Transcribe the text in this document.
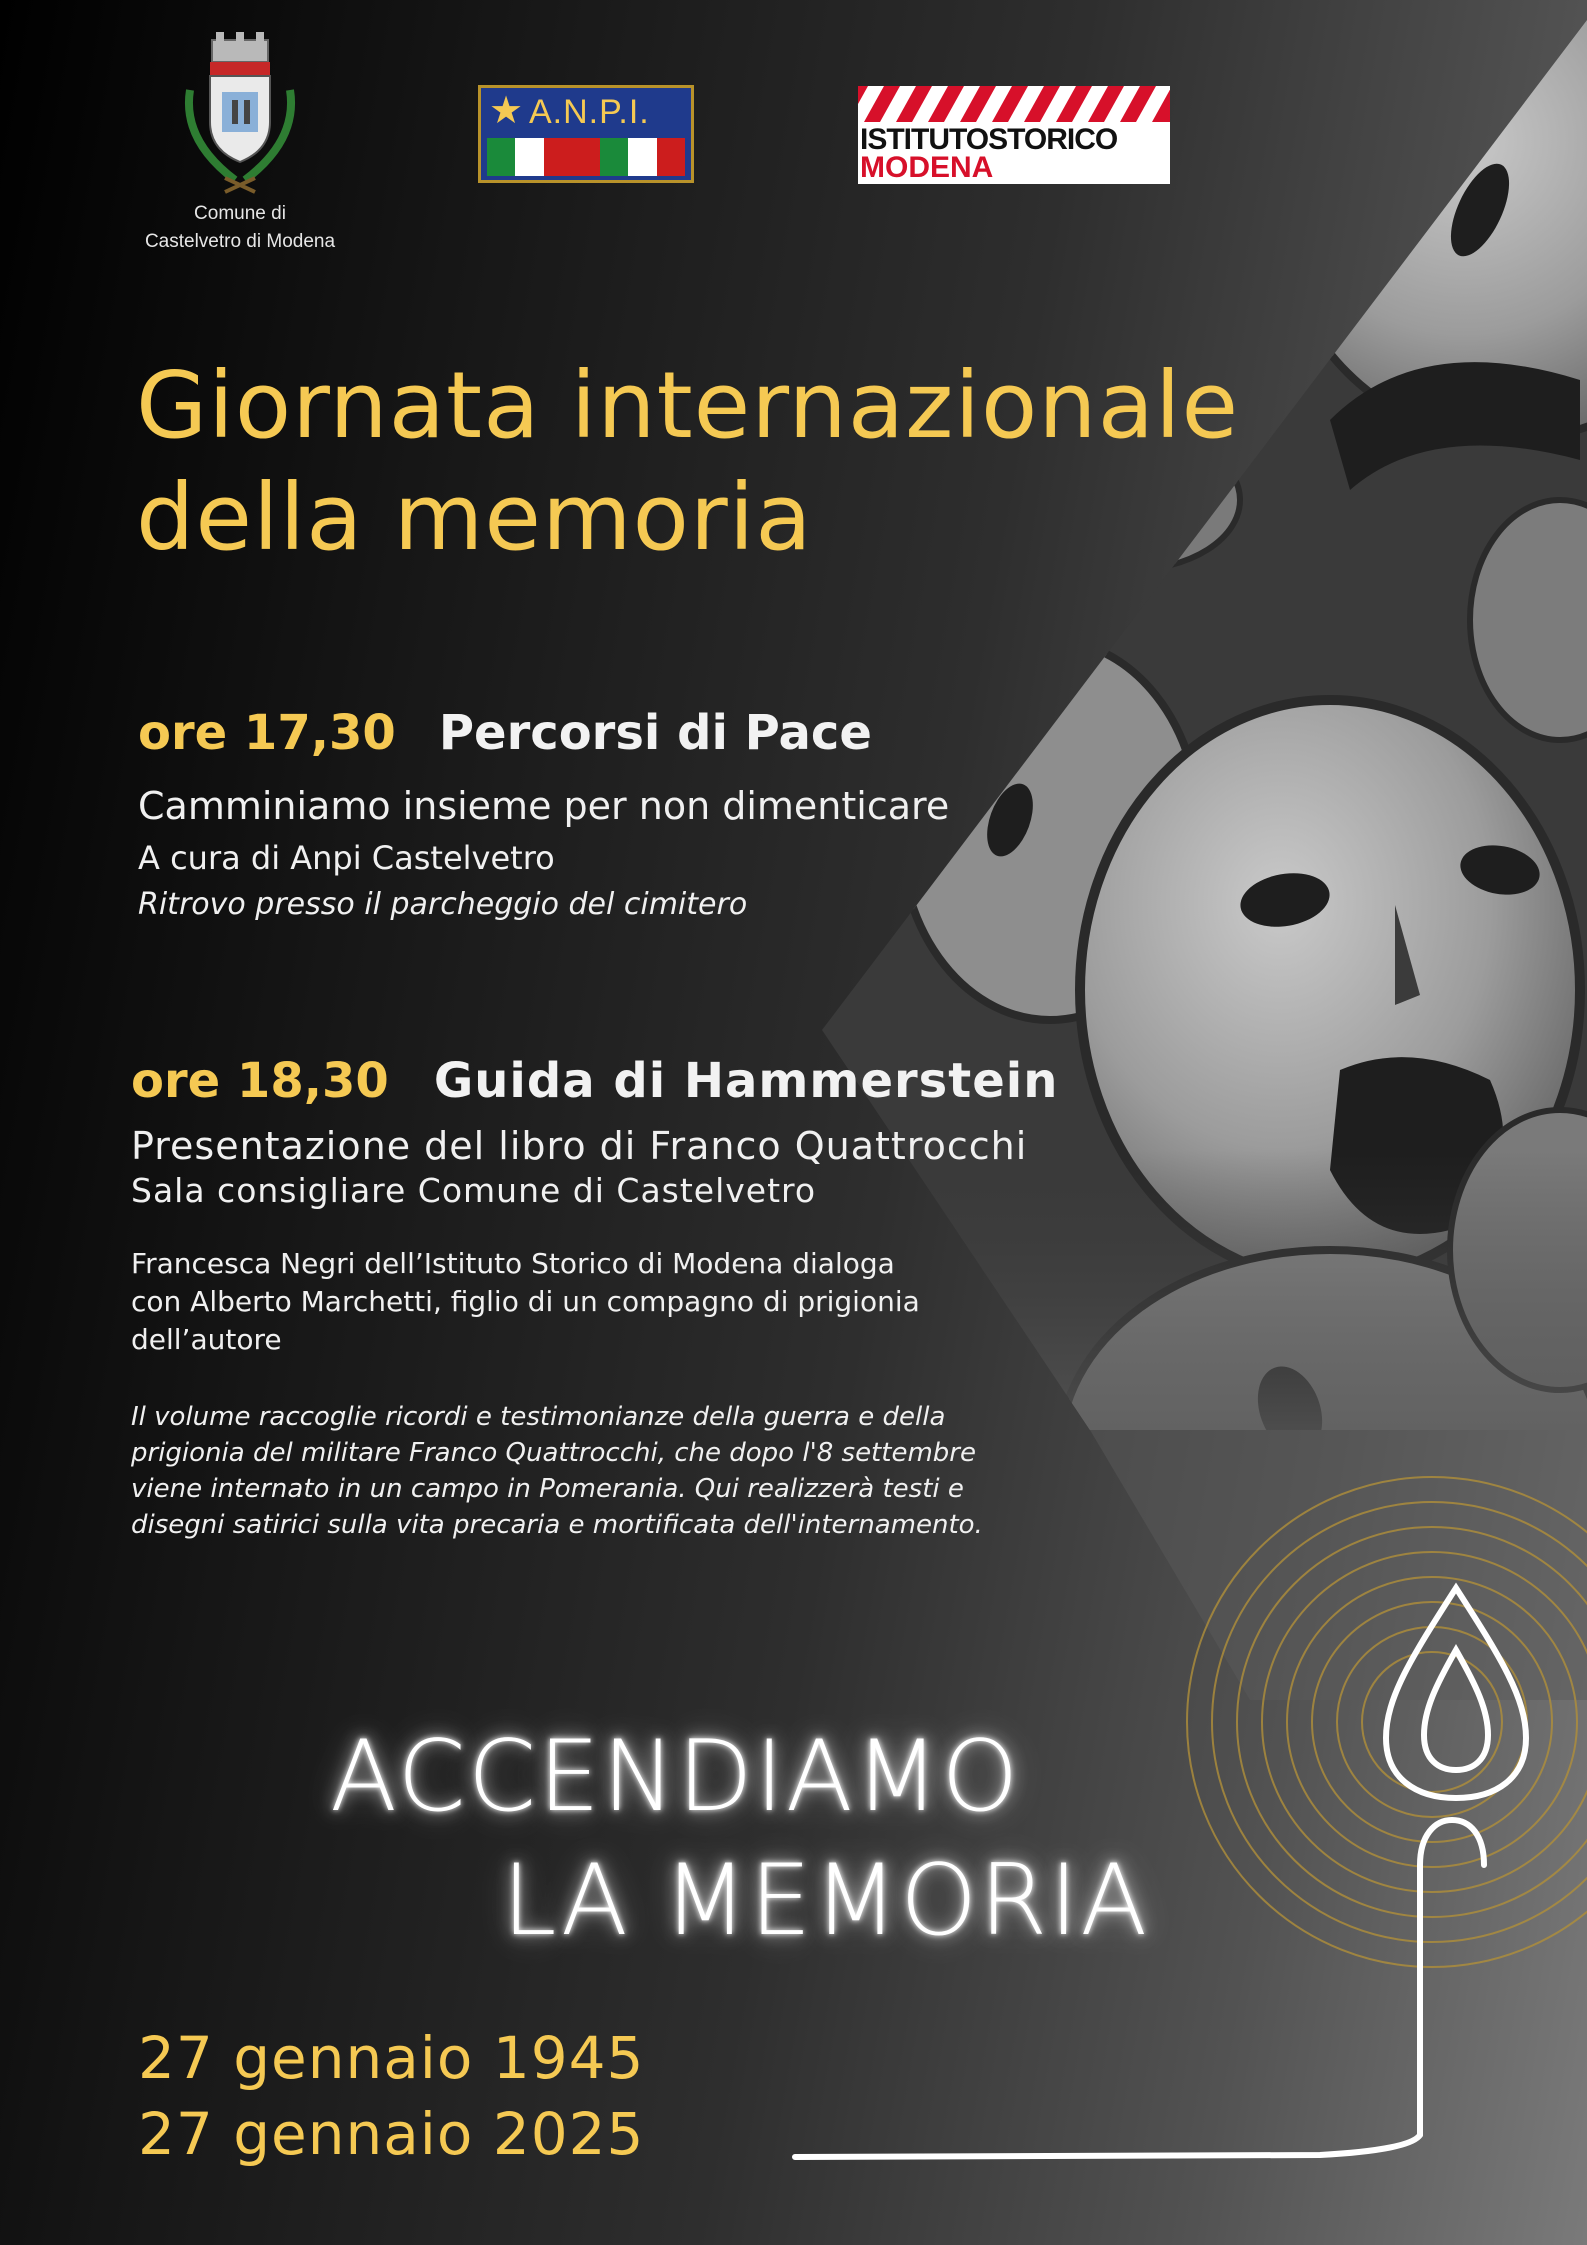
Comune di
Castelvetro di Modena
★ A.N.P.I.
ISTITUTOSTORICO
MODENA
Giornata internazionale
della memoria
ore 17,30 Percorsi di Pace
Camminiamo insieme per non dimenticare
A cura di Anpi Castelvetro
Ritrovo presso il parcheggio del cimitero
ore 18,30 Guida di Hammerstein
Presentazione del libro di Franco Quattrocchi
Sala consigliare Comune di Castelvetro
Francesca Negri dell’Istituto Storico di Modena dialoga
con Alberto Marchetti, figlio di un compagno di prigionia
dell’autore
Il volume raccoglie ricordi e testimonianze della guerra e della
prigionia del militare Franco Quattrocchi, che dopo l'8 settembre
viene internato in un campo in Pomerania. Qui realizzerà testi e
disegni satirici sulla vita precaria e mortificata dell'internamento.
ACCENDIAMO
LA MEMORIA
27 gennaio 1945
27 gennaio 2025
